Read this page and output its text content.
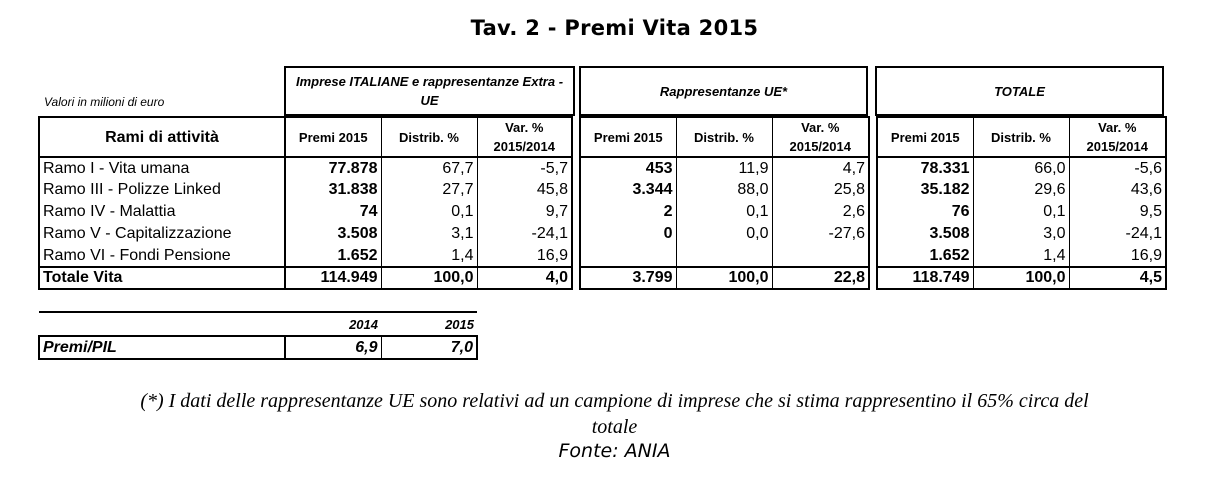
Tav. 2 - Premi Vita 2015
Valori in milioni di euro
Imprese ITALIANE e rappresentanze Extra - UE
Rappresentanze UE*	TOTALE
Rami di attività	Premi 2015	Distrib. %	Var. % 2015/2014		Premi 2015	Distrib. %	Var. % 2015/2014		Premi 2015	Distrib. %	Var. % 2015/2014
Ramo I - Vita umana	77.878	67,7	-5,7		453	11,9	4,7		78.331	66,0	-5,6
Ramo III - Polizze Linked	31.838	27,7	45,8		3.344	88,0	25,8		35.182	29,6	43,6
Ramo IV - Malattia	74	0,1	9,7		2	0,1	2,6		76	0,1	9,5
Ramo V - Capitalizzazione	3.508	3,1	-24,1		0	0,0	-27,6		3.508	3,0	-24,1
Ramo VI - Fondi Pensione	1.652	1,4	16,9						1.652	1,4	16,9
Totale Vita	114.949	100,0	4,0		3.799	100,0	22,8		118.749	100,0	4,5
	2014	2015
Premi/PIL	6,9	7,0
(*) I dati delle rappresentanze UE sono relativi ad un campione di imprese che si stima rappresentino il 65% circa del
totale
Fonte: ANIA
